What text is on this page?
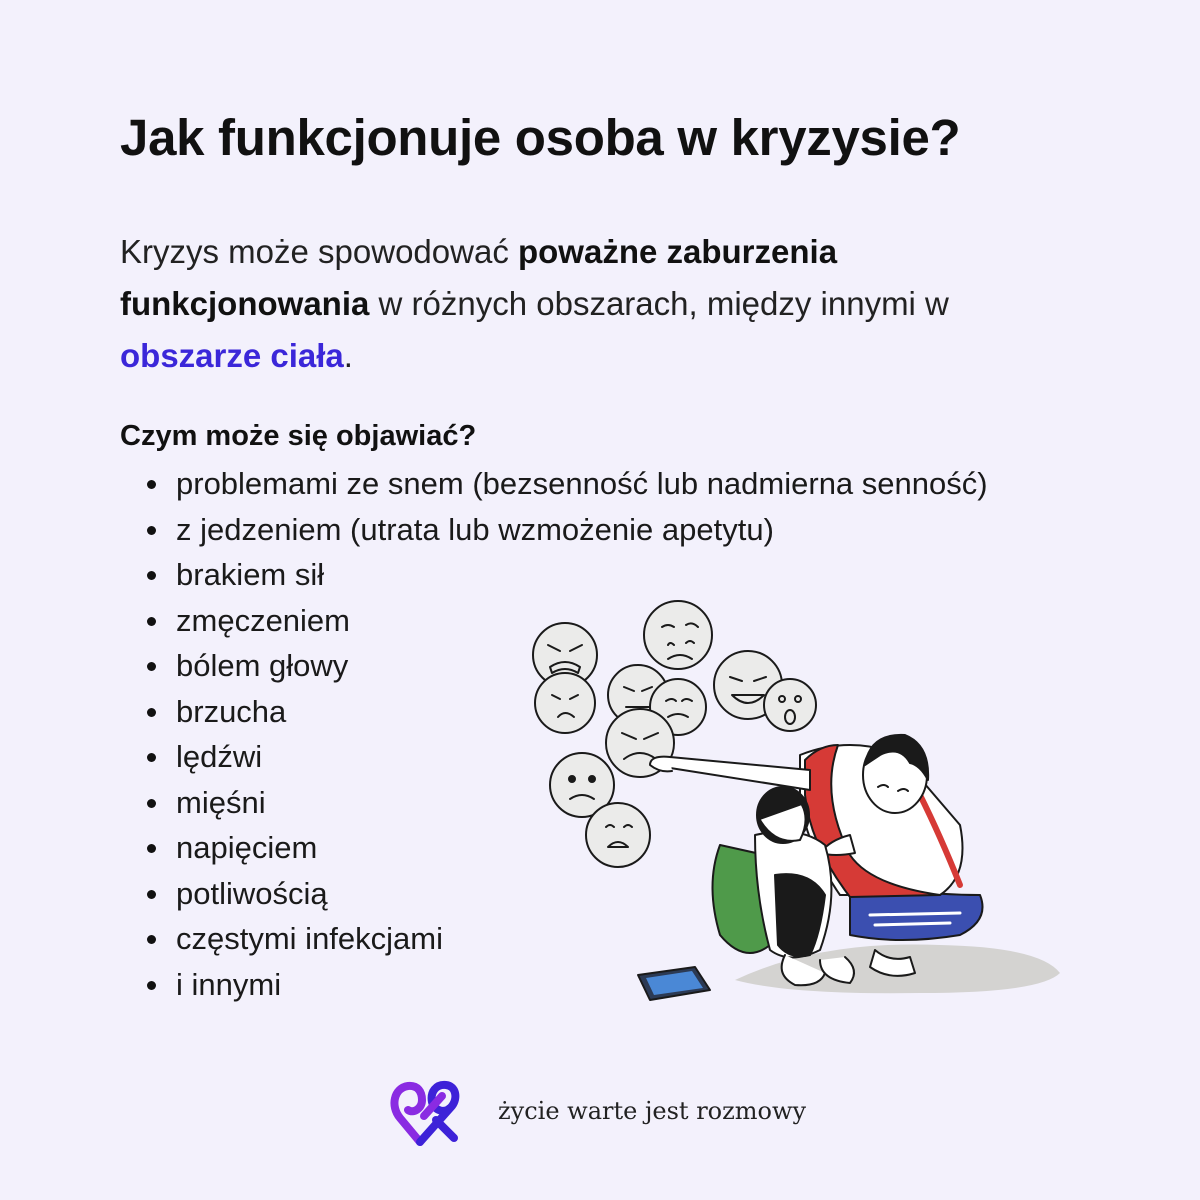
Jak funkcjonuje osoba w kryzysie?

Kryzys może spowodować poważne zaburzenia funkcjonowania w różnych obszarach, między innymi w obszarze ciała.

Czym może się objawiać?
problemami ze snem (bezsenność lub nadmierna senność)
z jedzeniem (utrata lub wzmożenie apetytu)
brakiem sił
zmęczeniem
bólem głowy
brzucha
lędźwi
mięśni
napięciem
potliwością
częstymi infekcjami
i innymi
życie warte jest rozmowy
